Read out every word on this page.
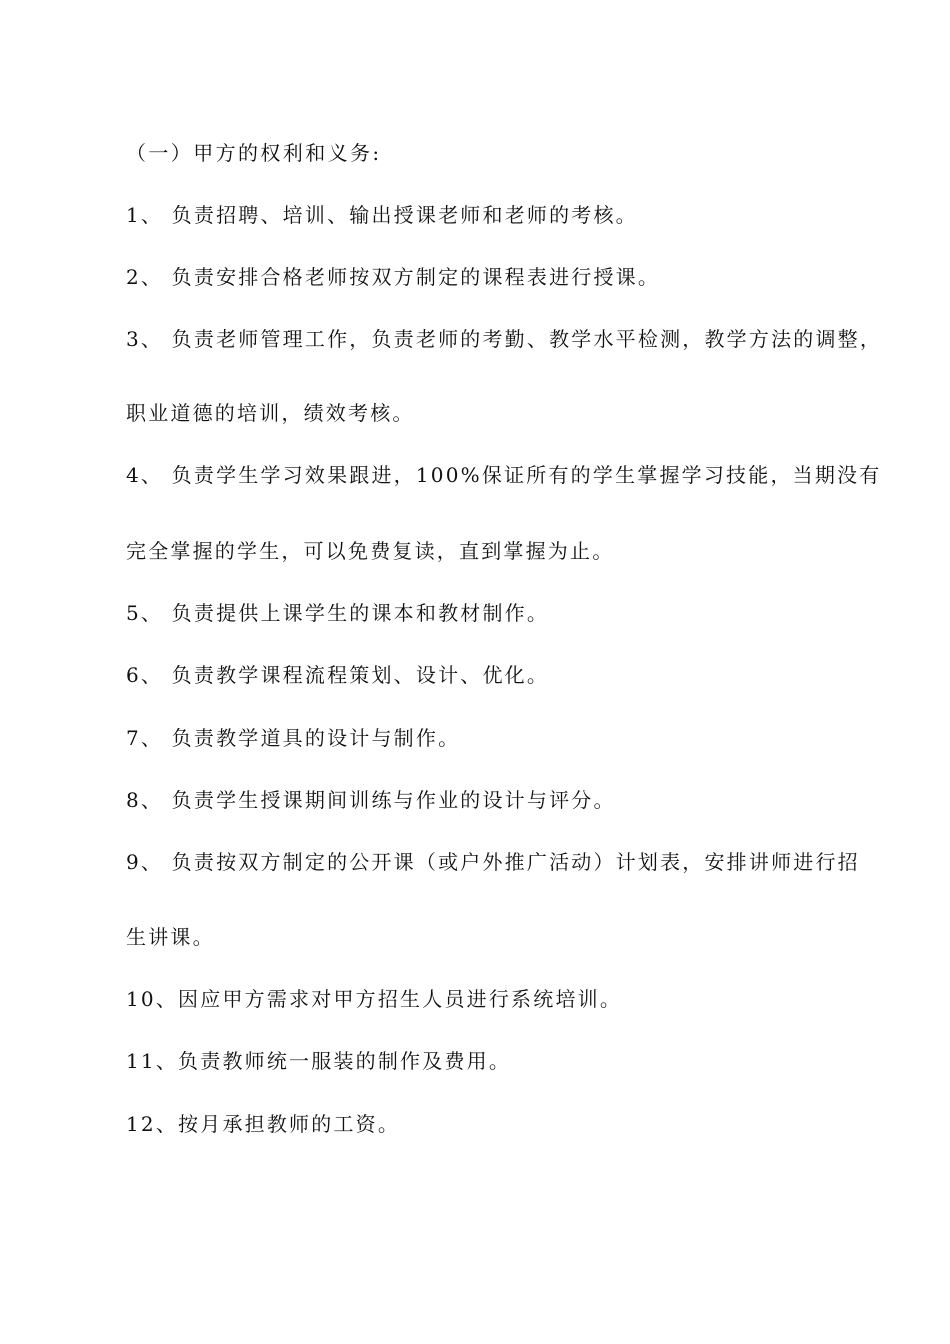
（一）甲方的权利和义务:
1、 负责招聘、培训、输出授课老师和老师的考核。
2、 负责安排合格老师按双方制定的课程表进行授课。
3、 负责老师管理工作，负责老师的考勤、教学水平检测，教学方法的调整，
职业道德的培训，绩效考核。
4、 负责学生学习效果跟进，100%保证所有的学生掌握学习技能，当期没有
完全掌握的学生，可以免费复读，直到掌握为止。
5、 负责提供上课学生的课本和教材制作。
6、 负责教学课程流程策划、设计、优化。
7、 负责教学道具的设计与制作。
8、 负责学生授课期间训练与作业的设计与评分。
9、 负责按双方制定的公开课（或户外推广活动）计划表，安排讲师进行招
生讲课。
10、因应甲方需求对甲方招生人员进行系统培训。
11、负责教师统一服装的制作及费用。
12、按月承担教师的工资。
